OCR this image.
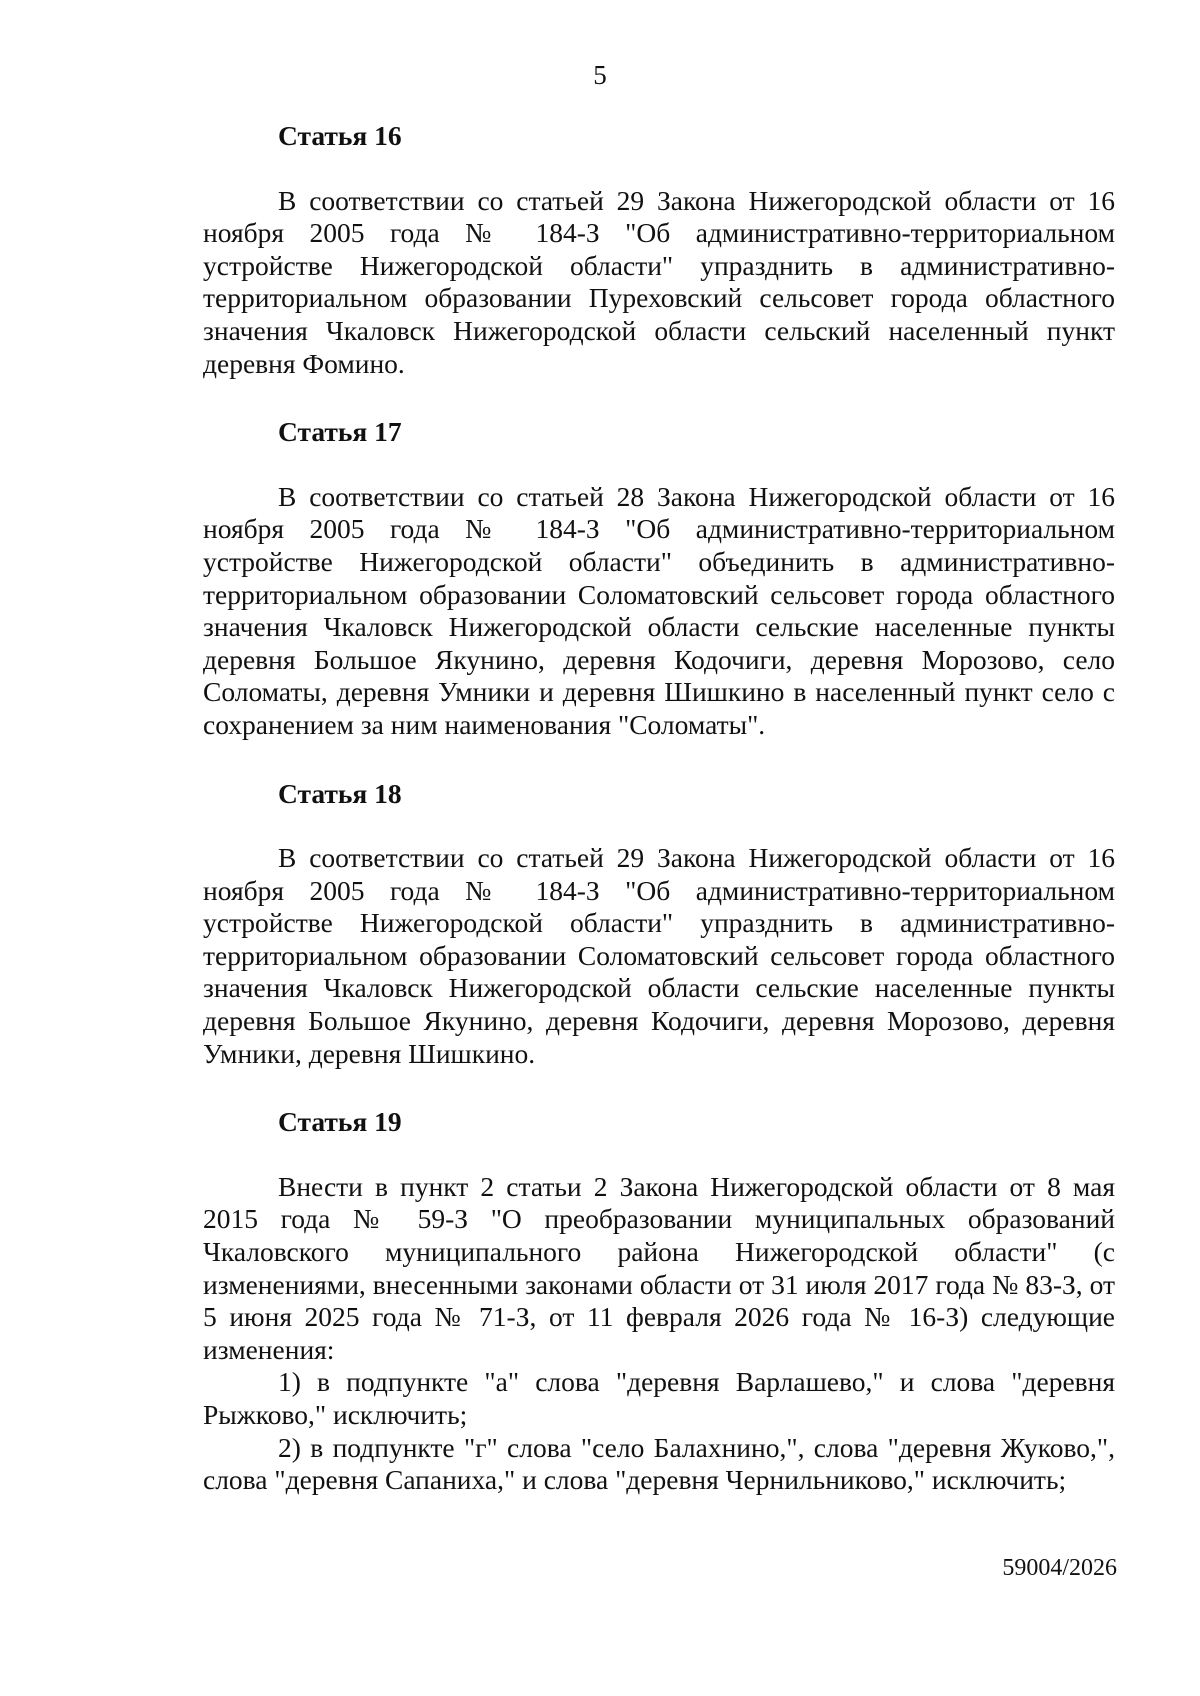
5

Статья 16

В соответствии со статьей 29 Закона Нижегородской области от 16 ноября 2005 года № 184-З "Об административно-территориальном устройстве Нижегородской области" упразднить в административно-территориальном образовании Пуреховский сельсовет города областного значения Чкаловск Нижегородской области сельский населенный пункт деревня Фомино.

Статья 17

В соответствии со статьей 28 Закона Нижегородской области от 16 ноября 2005 года № 184-З "Об административно-территориальном устройстве Нижегородской области" объединить в административно-территориальном образовании Соломатовский сельсовет города областного значения Чкаловск Нижегородской области сельские населенные пункты деревня Большое Якунино, деревня Кодочиги, деревня Морозово, село Соломаты, деревня Умники и деревня Шишкино в населенный пункт село с сохранением за ним наименования "Соломаты".

Статья 18

В соответствии со статьей 29 Закона Нижегородской области от 16 ноября 2005 года № 184-З "Об административно-территориальном устройстве Нижегородской области" упразднить в административно-территориальном образовании Соломатовский сельсовет города областного значения Чкаловск Нижегородской области сельские населенные пункты деревня Большое Якунино, деревня Кодочиги, деревня Морозово, деревня Умники, деревня Шишкино.

Статья 19

Внести в пункт 2 статьи 2 Закона Нижегородской области от 8 мая 2015 года № 59-З "О преобразовании муниципальных образований Чкаловского муниципального района Нижегородской области" (с изменениями, внесенными законами области от 31 июля 2017 года № 83-З, от 5 июня 2025 года № 71-З, от 11 февраля 2026 года № 16-З) следующие изменения:

1) в подпункте "а" слова "деревня Варлашево," и слова "деревня Рыжково," исключить;

2) в подпункте "г" слова "село Балахнино,", слова "деревня Жуково,", слова "деревня Сапаниха," и слова "деревня Чернильниково," исключить;

59004/2026
